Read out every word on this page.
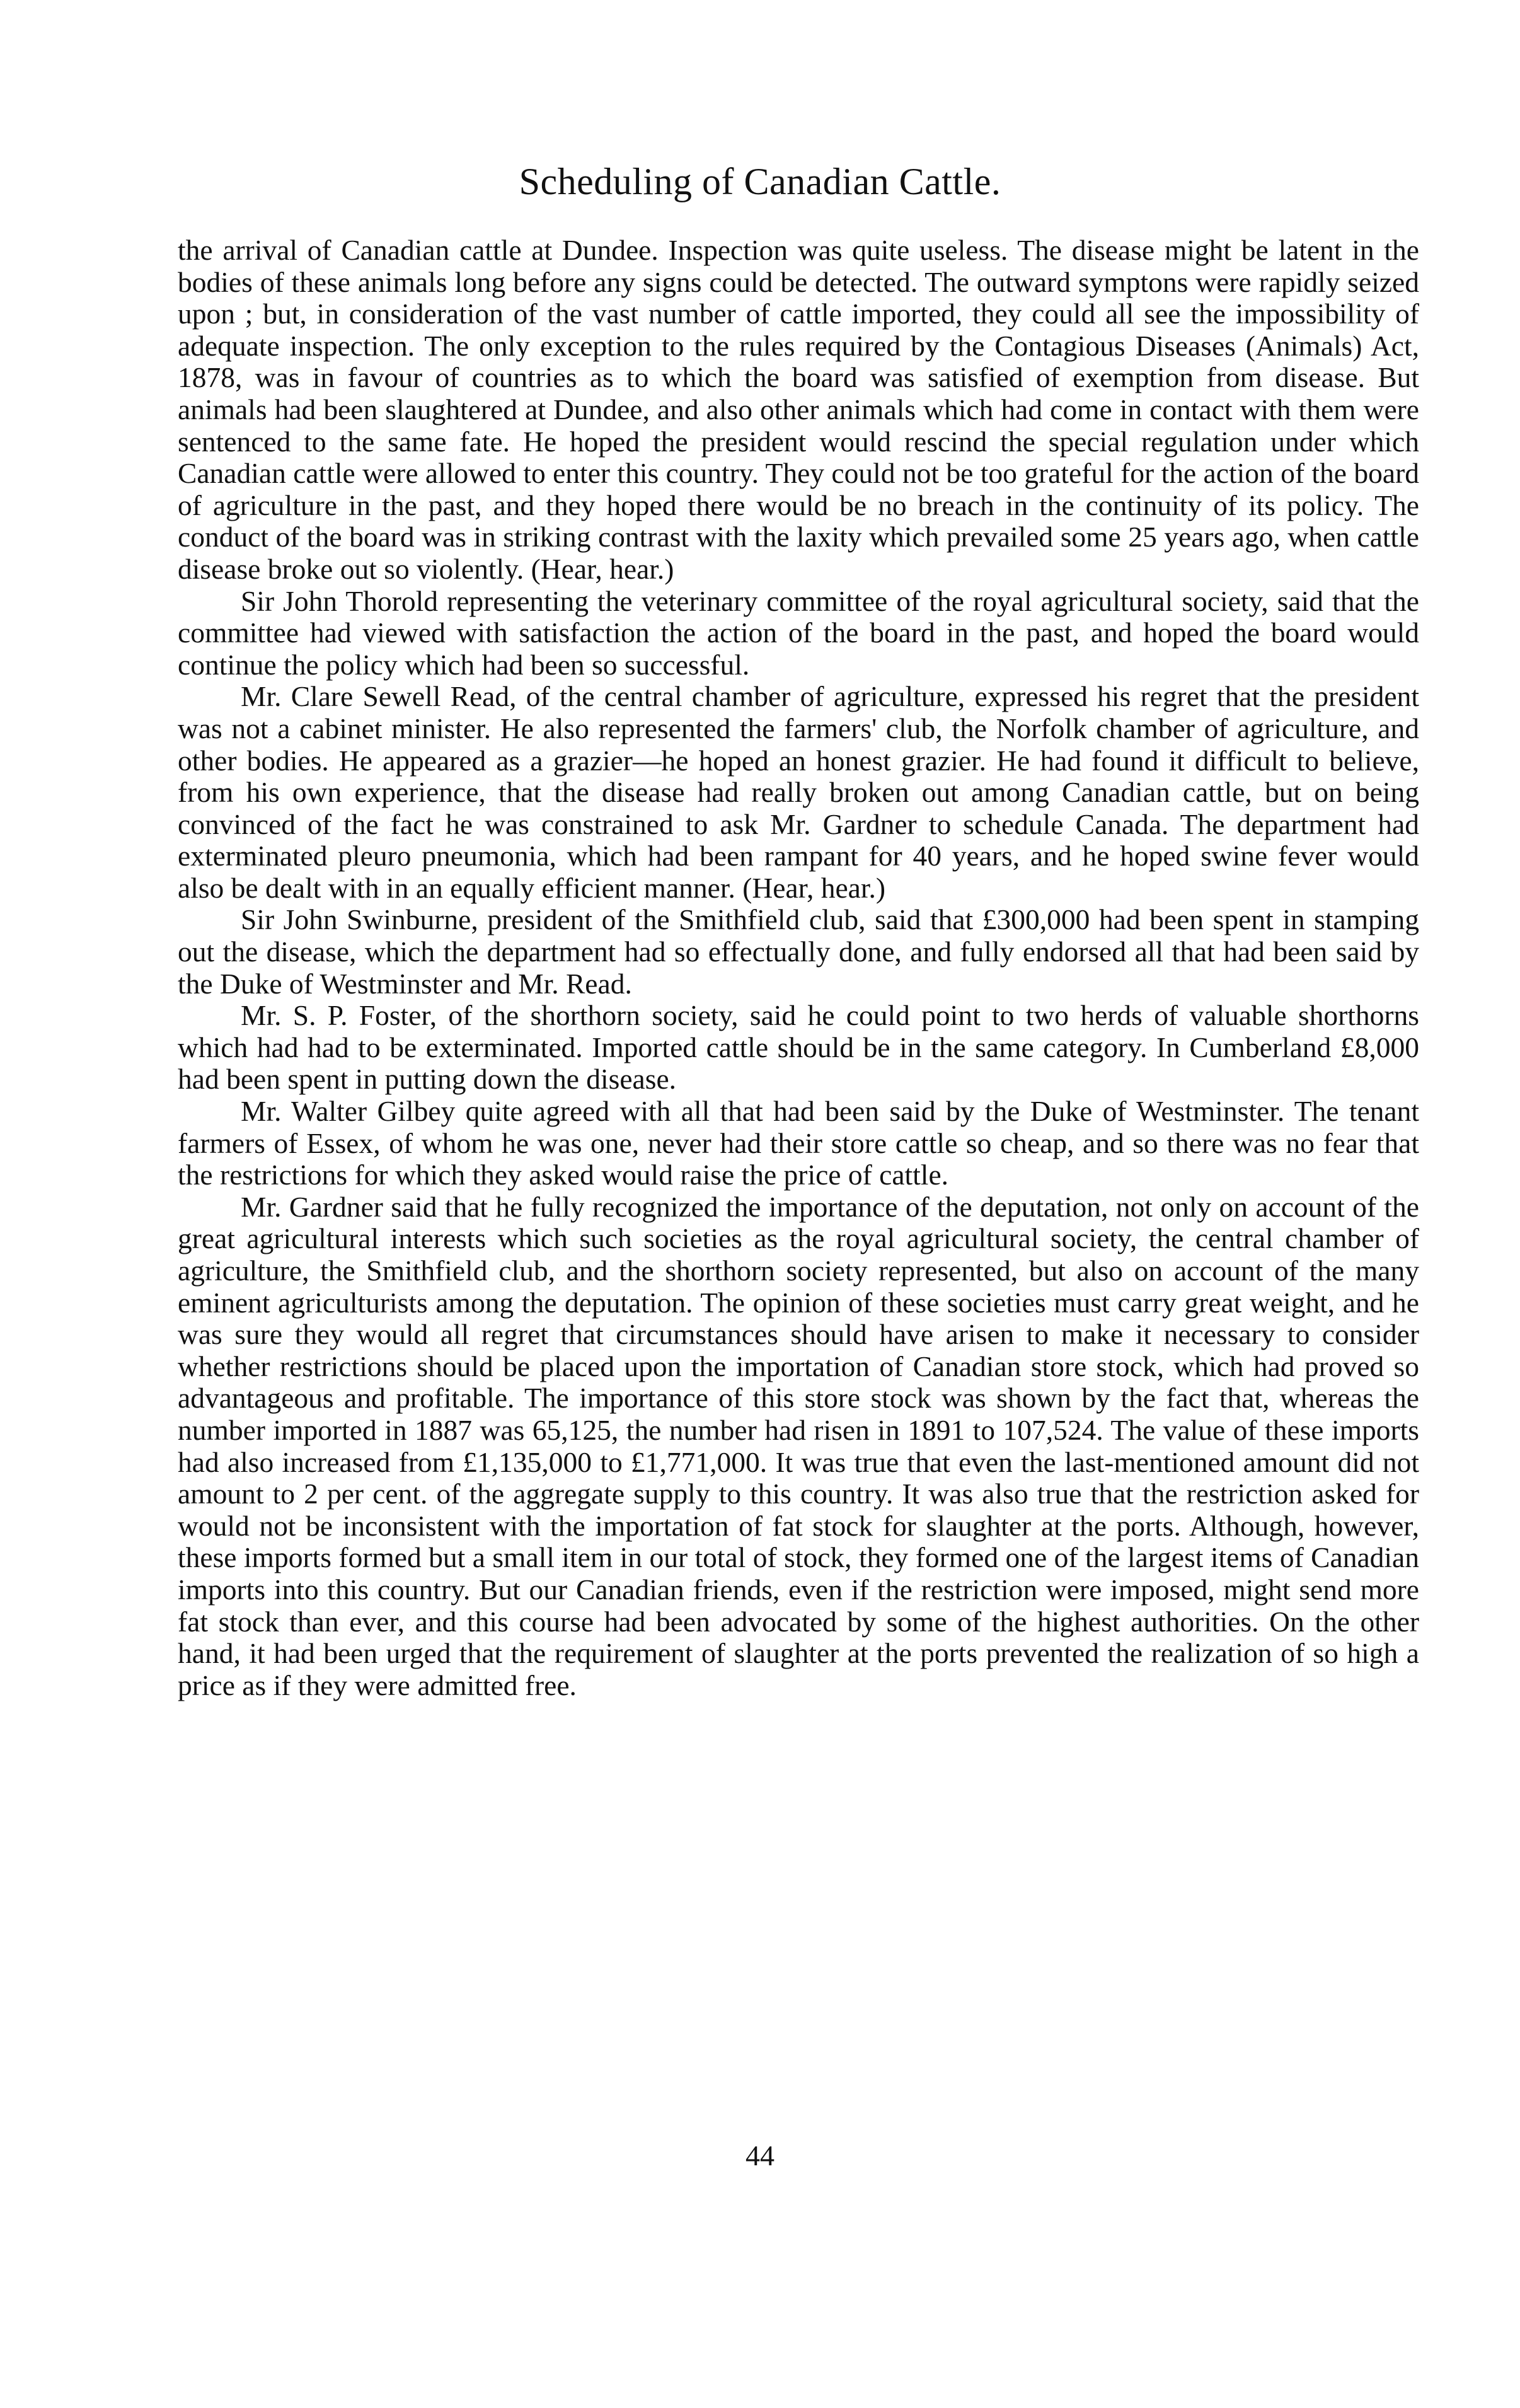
Scheduling of Canadian Cattle.

the arrival of Canadian cattle at Dundee. Inspection was quite useless. The disease might be latent in the bodies of these animals long before any signs could be detected. The outward symptons were rapidly seized upon ; but, in consideration of the vast number of cattle imported, they could all see the impossibility of adequate inspection. The only exception to the rules required by the Contagious Diseases (Animals) Act, 1878, was in favour of countries as to which the board was satisfied of exemption from disease. But animals had been slaughtered at Dundee, and also other animals which had come in contact with them were sentenced to the same fate. He hoped the president would rescind the special regulation under which Canadian cattle were allowed to enter this country. They could not be too grateful for the action of the board of agriculture in the past, and they hoped there would be no breach in the continuity of its policy. The conduct of the board was in striking contrast with the laxity which prevailed some 25 years ago, when cattle disease broke out so violently. (Hear, hear.)

Sir John Thorold representing the veterinary committee of the royal agricultural society, said that the committee had viewed with satisfaction the action of the board in the past, and hoped the board would continue the policy which had been so successful.

Mr. Clare Sewell Read, of the central chamber of agriculture, expressed his regret that the president was not a cabinet minister. He also represented the farmers' club, the Norfolk chamber of agriculture, and other bodies. He appeared as a grazier—he hoped an honest grazier. He had found it difficult to believe, from his own experience, that the disease had really broken out among Canadian cattle, but on being convinced of the fact he was constrained to ask Mr. Gardner to schedule Canada. The department had exterminated pleuro pneumonia, which had been rampant for 40 years, and he hoped swine fever would also be dealt with in an equally efficient manner. (Hear, hear.)

Sir John Swinburne, president of the Smithfield club, said that £300,000 had been spent in stamping out the disease, which the department had so effectually done, and fully endorsed all that had been said by the Duke of Westminster and Mr. Read.

Mr. S. P. Foster, of the shorthorn society, said he could point to two herds of valuable shorthorns which had had to be exterminated. Imported cattle should be in the same category. In Cumberland £8,000 had been spent in putting down the disease.

Mr. Walter Gilbey quite agreed with all that had been said by the Duke of Westminster. The tenant farmers of Essex, of whom he was one, never had their store cattle so cheap, and so there was no fear that the restrictions for which they asked would raise the price of cattle.

Mr. Gardner said that he fully recognized the importance of the deputation, not only on account of the great agricultural interests which such societies as the royal agricultural society, the central chamber of agriculture, the Smithfield club, and the shorthorn society represented, but also on account of the many eminent agriculturists among the deputation. The opinion of these societies must carry great weight, and he was sure they would all regret that circumstances should have arisen to make it necessary to consider whether restrictions should be placed upon the importation of Canadian store stock, which had proved so advantageous and profitable. The importance of this store stock was shown by the fact that, whereas the number imported in 1887 was 65,125, the number had risen in 1891 to 107,524. The value of these imports had also increased from £1,135,000 to £1,771,000. It was true that even the last-mentioned amount did not amount to 2 per cent. of the aggregate supply to this country. It was also true that the restriction asked for would not be inconsistent with the importation of fat stock for slaughter at the ports. Although, however, these imports formed but a small item in our total of stock, they formed one of the largest items of Canadian imports into this country. But our Canadian friends, even if the restriction were imposed, might send more fat stock than ever, and this course had been advocated by some of the highest authorities. On the other hand, it had been urged that the requirement of slaughter at the ports prevented the realization of so high a price as if they were admitted free.

44
